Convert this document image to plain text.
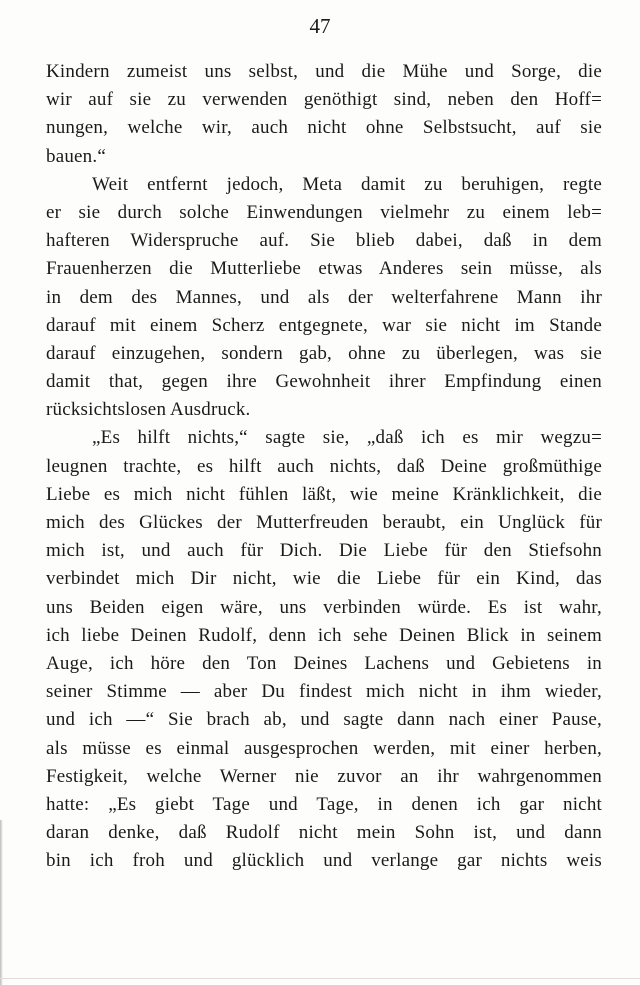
47
Kindern zumeist uns selbst, und die Mühe und Sorge, die
wir auf sie zu verwenden genöthigt sind, neben den Hoff=
nungen, welche wir, auch nicht ohne Selbstsucht, auf sie
bauen.“
Weit entfernt jedoch, Meta damit zu beruhigen, regte
er sie durch solche Einwendungen vielmehr zu einem leb=
hafteren Widerspruche auf. Sie blieb dabei, daß in dem
Frauenherzen die Mutterliebe etwas Anderes sein müsse, als
in dem des Mannes, und als der welterfahrene Mann ihr
darauf mit einem Scherz entgegnete, war sie nicht im Stande
darauf einzugehen, sondern gab, ohne zu überlegen, was sie
damit that, gegen ihre Gewohnheit ihrer Empfindung einen
rücksichtslosen Ausdruck.
„Es hilft nichts,“ sagte sie, „daß ich es mir wegzu=
leugnen trachte, es hilft auch nichts, daß Deine großmüthige
Liebe es mich nicht fühlen läßt, wie meine Kränklichkeit, die
mich des Glückes der Mutterfreuden beraubt, ein Unglück für
mich ist, und auch für Dich. Die Liebe für den Stiefsohn
verbindet mich Dir nicht, wie die Liebe für ein Kind, das
uns Beiden eigen wäre, uns verbinden würde. Es ist wahr,
ich liebe Deinen Rudolf, denn ich sehe Deinen Blick in seinem
Auge, ich höre den Ton Deines Lachens und Gebietens in
seiner Stimme — aber Du findest mich nicht in ihm wieder,
und ich —“ Sie brach ab, und sagte dann nach einer Pause,
als müsse es einmal ausgesprochen werden, mit einer herben,
Festigkeit, welche Werner nie zuvor an ihr wahrgenommen
hatte: „Es giebt Tage und Tage, in denen ich gar nicht
daran denke, daß Rudolf nicht mein Sohn ist, und dann
bin ich froh und glücklich und verlange gar nichts weis
